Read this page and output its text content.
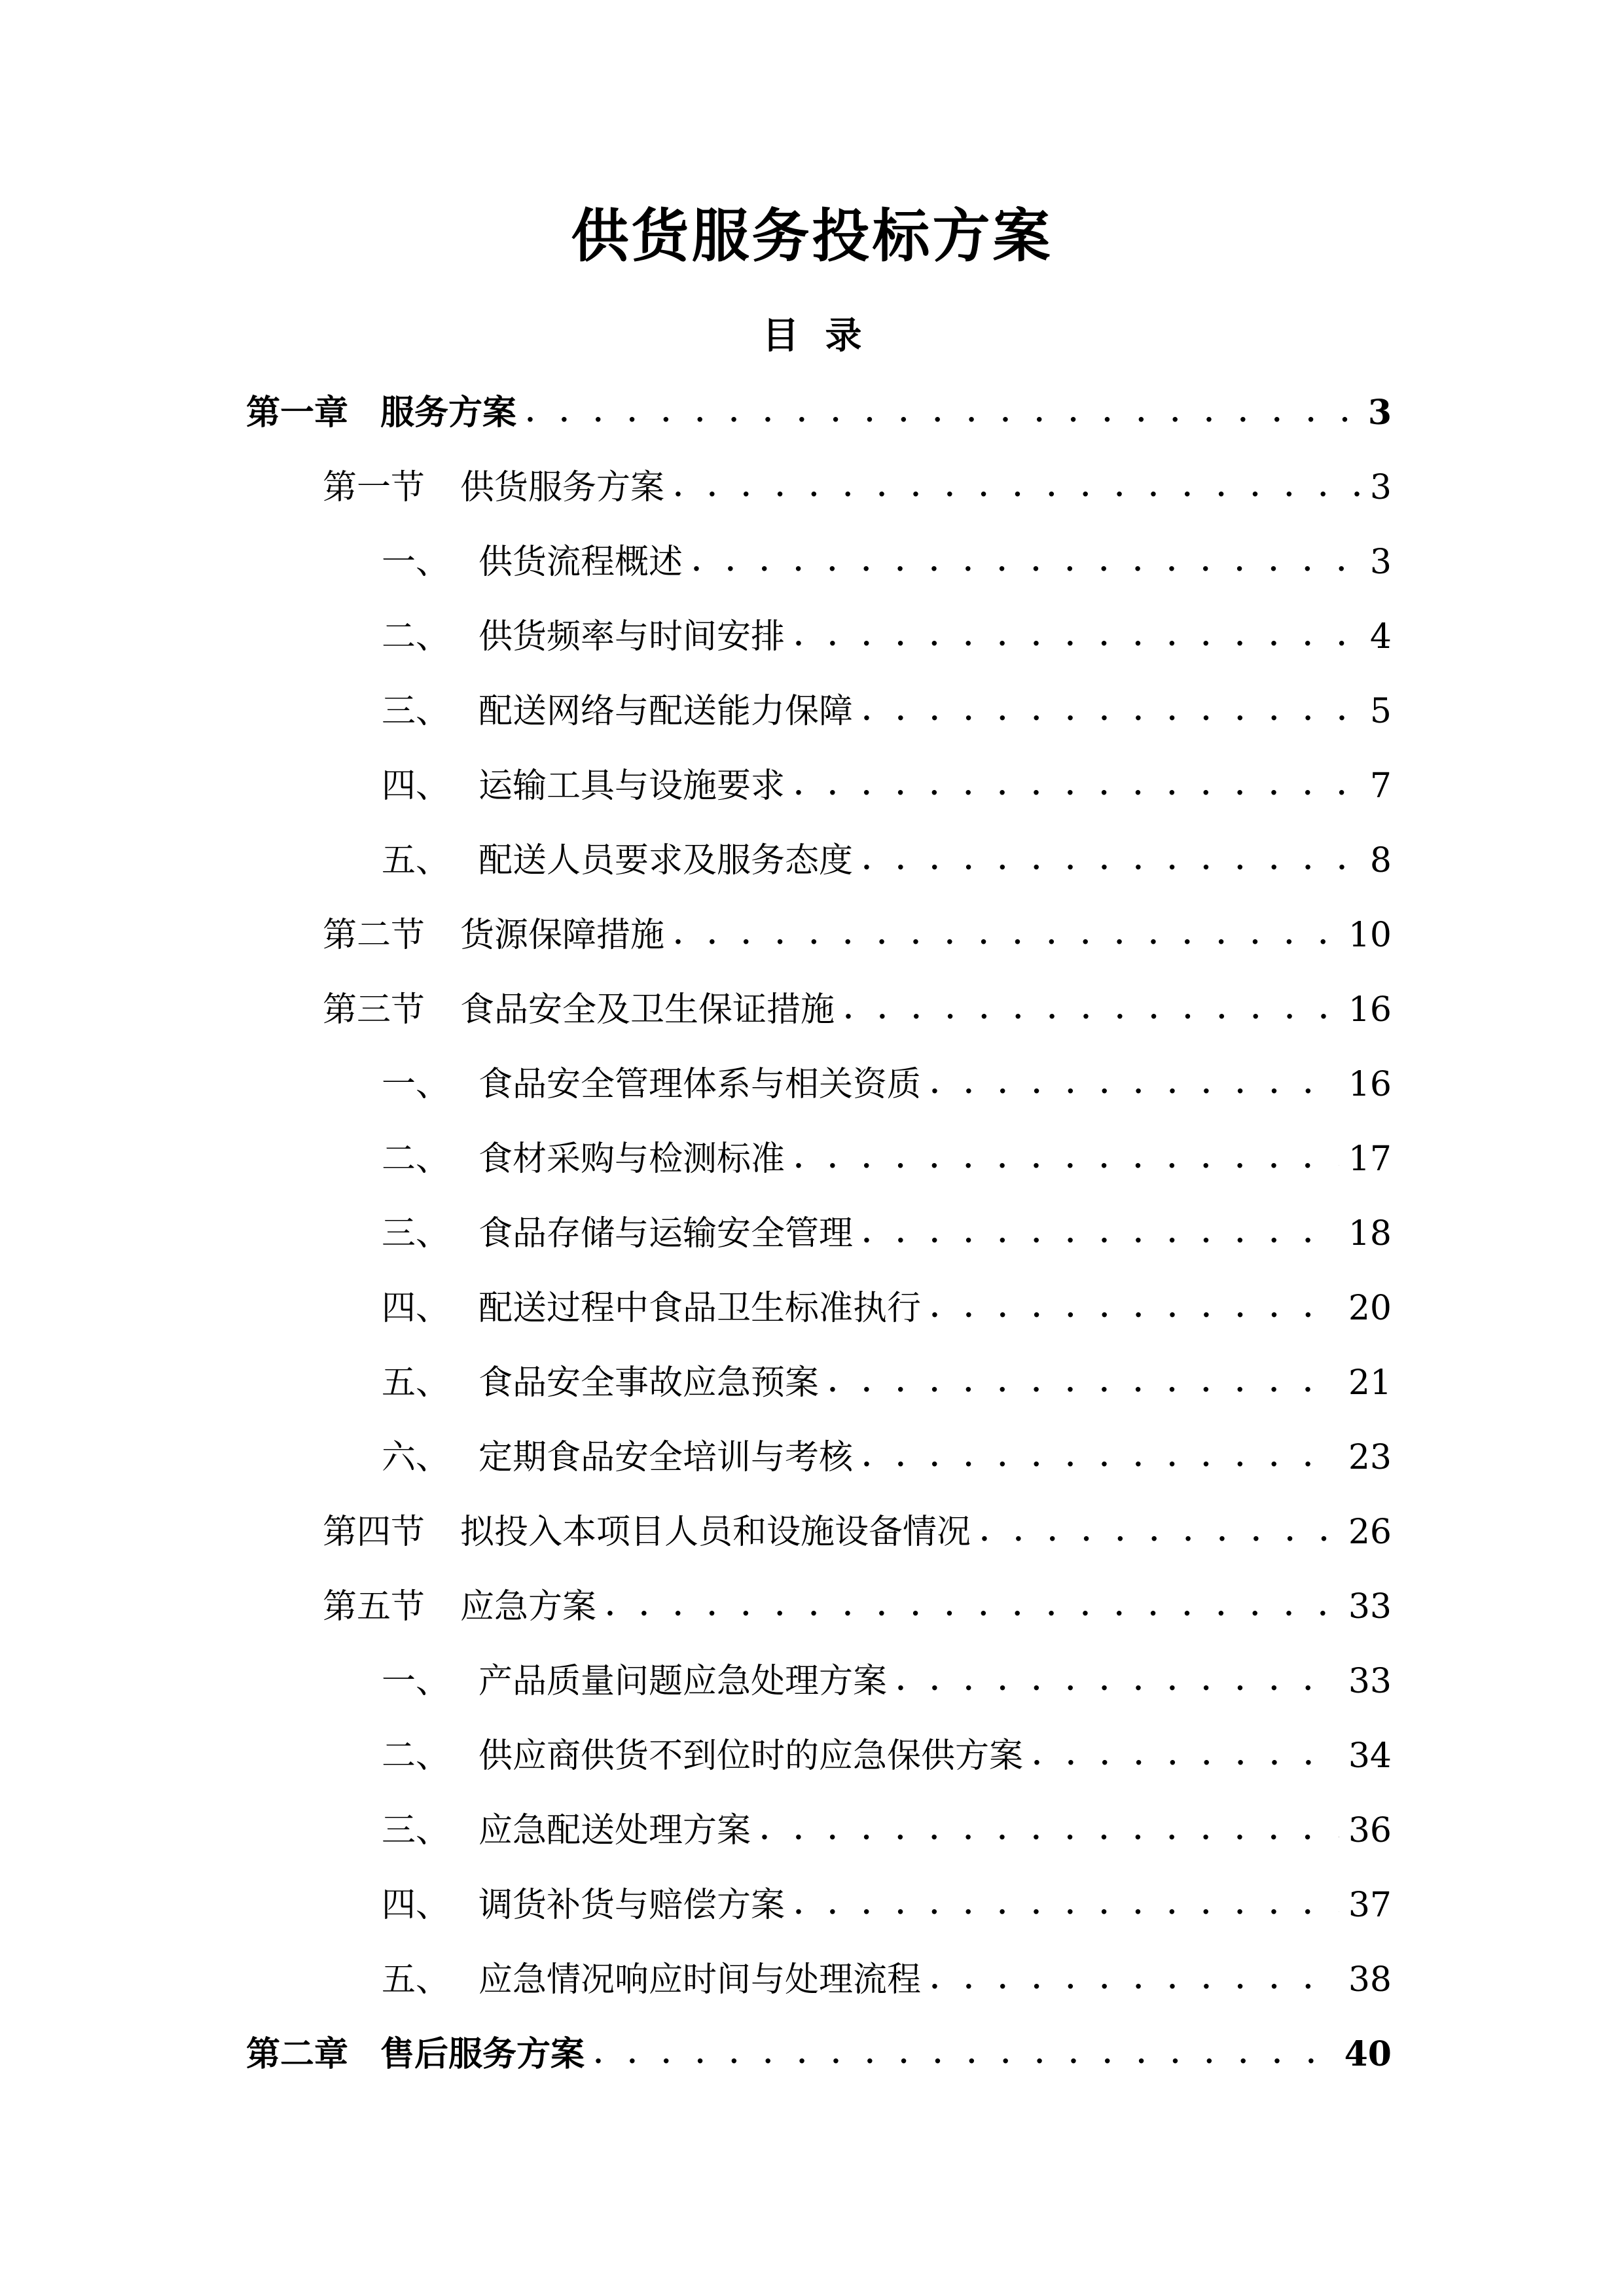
供货服务投标方案
目 录
第一章 服务方案 . . .	3
第一节	供货服务方案 . . .	3
一、 供货流程概述 . . .	3
二、 供货频率与时间安排 . . .	4
三、 配送网络与配送能力保障 . . .	5
四、 运输工具与设施要求 . . .	7
五、 配送人员要求及服务态度 . . .	8
第二节	货源保障措施 . . .	10
第三节	食品安全及卫生保证措施 . . .	16
一、 食品安全管理体系与相关资质 . . .	16
二、 食材采购与检测标准 . . .	17
三、 食品存储与运输安全管理 . . .	18
四、 配送过程中食品卫生标准执行 . . .	20
五、 食品安全事故应急预案 . . .	21
六、 定期食品安全培训与考核 . . .	23
第四节	拟投入本项目人员和设施设备情况 . . .	26
第五节	应急方案 . . .	33
一、 产品质量问题应急处理方案 . . .	33
二、 供应商供货不到位时的应急保供方案 . . .	34
三、 应急配送处理方案 . . .	36
四、 调货补货与赔偿方案 . . .	37
五、 应急情况响应时间与处理流程 . . .	38
第二章 售后服务方案 . . .	40
